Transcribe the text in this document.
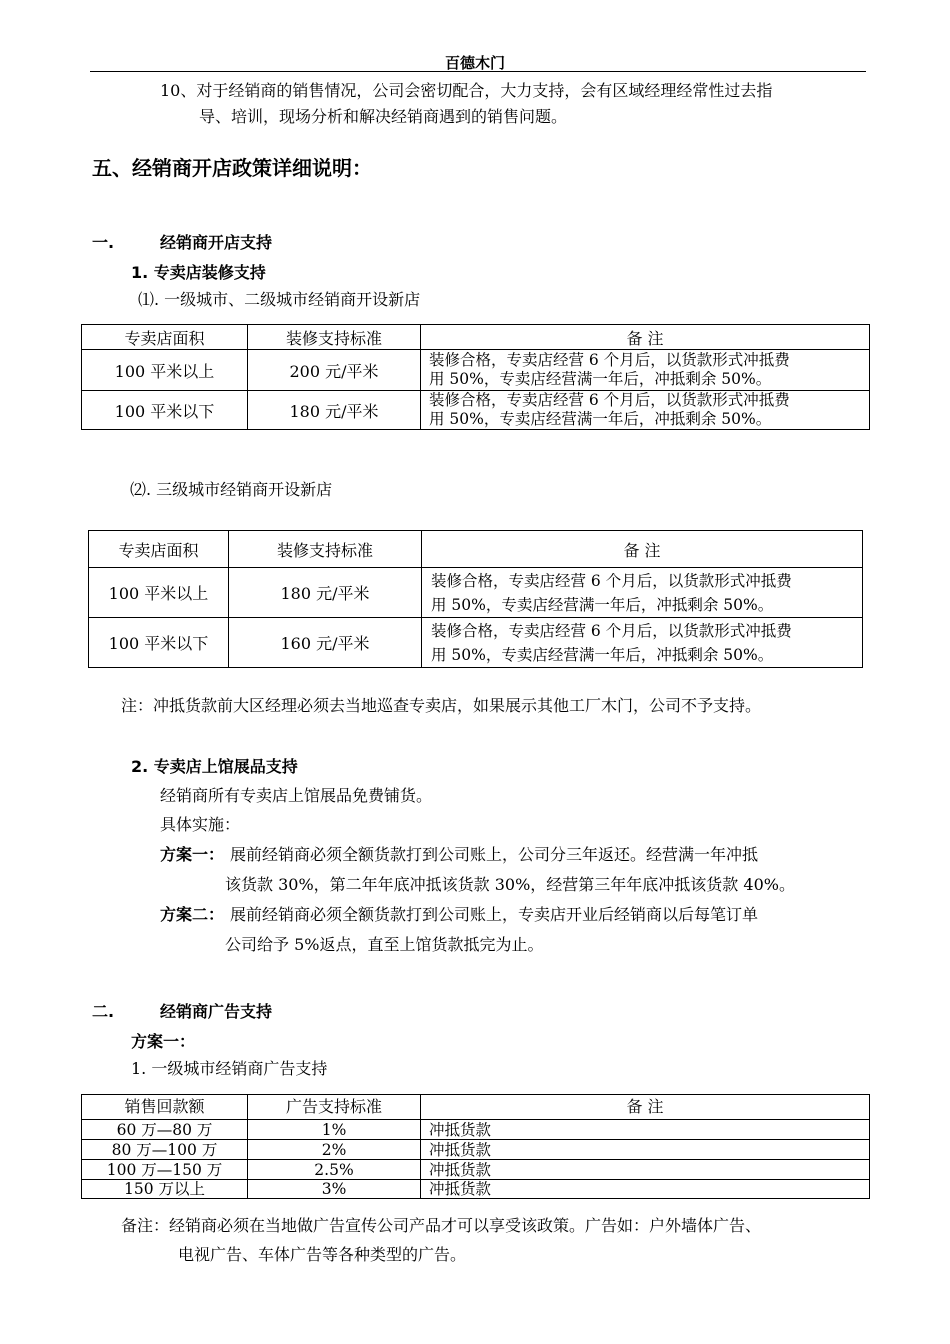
百德木门
10、对于经销商的销售情况，公司会密切配合，大力支持，会有区域经理经常性过去指
导、培训，现场分析和解决经销商遇到的销售问题。
五、经销商开店政策详细说明：
一.	经销商开店支持
1. 专卖店装修支持
⑴. 一级城市、二级城市经销商开设新店
专卖店面积	装修支持标准	备 注
100 平米以上	200 元/平米	装修合格，专卖店经营 6 个月后，以货款形式冲抵费
用 50%，专卖店经营满一年后，冲抵剩余 50%。

100 平米以下	180 元/平米	装修合格，专卖店经营 6 个月后，以货款形式冲抵费
用 50%，专卖店经营满一年后，冲抵剩余 50%。
⑵. 三级城市经销商开设新店
专卖店面积	装修支持标准	备 注
100 平米以上	180 元/平米	装修合格，专卖店经营 6 个月后，以货款形式冲抵费
用 50%，专卖店经营满一年后，冲抵剩余 50%。

100 平米以下	160 元/平米	装修合格，专卖店经营 6 个月后，以货款形式冲抵费
用 50%，专卖店经营满一年后，冲抵剩余 50%。
注：冲抵货款前大区经理必须去当地巡查专卖店，如果展示其他工厂木门，公司不予支持。
2. 专卖店上馆展品支持
经销商所有专卖店上馆展品免费铺货。
具体实施：
方案一： 展前经销商必须全额货款打到公司账上，公司分三年返还。经营满一年冲抵
该货款 30%，第二年年底冲抵该货款 30%，经营第三年年底冲抵该货款 40%。
方案二： 展前经销商必须全额货款打到公司账上，专卖店开业后经销商以后每笔订单
公司给予 5%返点，直至上馆货款抵完为止。
二.	经销商广告支持
方案一：
1. 一级城市经销商广告支持
销售回款额	广告支持标准	备 注
60 万—80 万	1%	冲抵货款
80 万—100 万	2%	冲抵货款
100 万—150 万	2.5%	冲抵货款
150 万以上	3%	冲抵货款
备注：经销商必须在当地做广告宣传公司产品才可以享受该政策。广告如：户外墙体广告、
电视广告、车体广告等各种类型的广告。
